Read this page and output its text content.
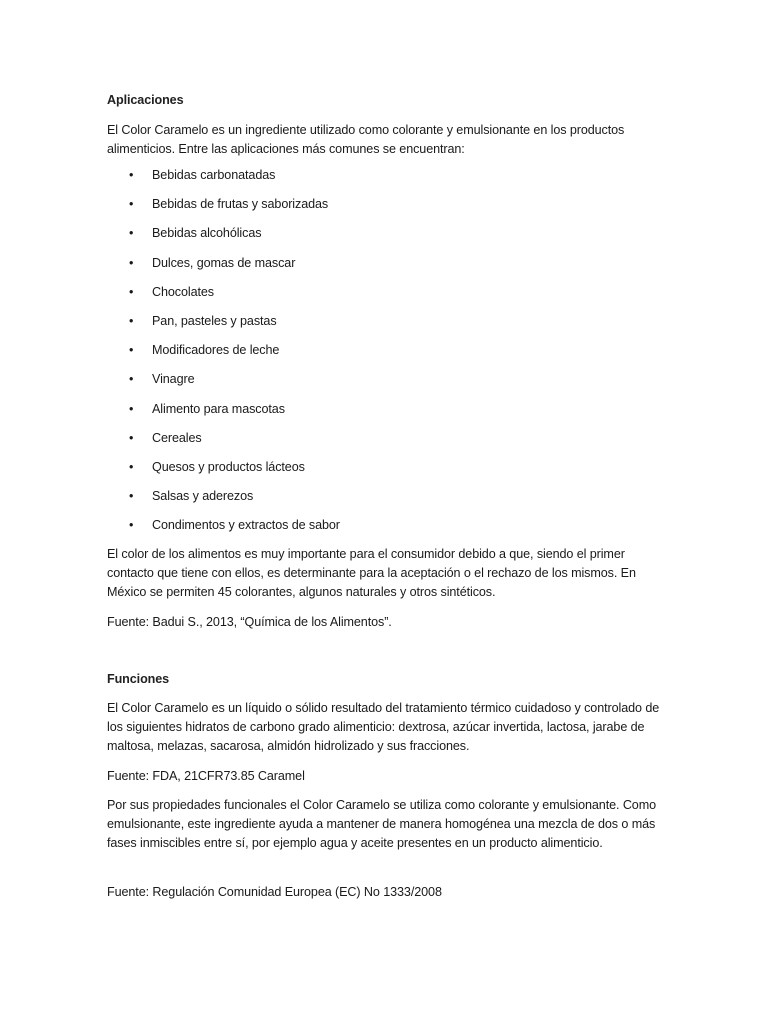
Aplicaciones
El Color Caramelo es un ingrediente utilizado como colorante y emulsionante en los productos alimenticios. Entre las aplicaciones más comunes se encuentran:
• Bebidas carbonatadas
• Bebidas de frutas y saborizadas
• Bebidas alcohólicas
• Dulces, gomas de mascar
• Chocolates
• Pan, pasteles y pastas
• Modificadores de leche
• Vinagre
• Alimento para mascotas
• Cereales
• Quesos y productos lácteos
• Salsas y aderezos
• Condimentos y extractos de sabor
El color de los alimentos es muy importante para el consumidor debido a que, siendo el primer contacto que tiene con ellos, es determinante para la aceptación o el rechazo de los mismos. En México se permiten 45 colorantes, algunos naturales y otros sintéticos.
Fuente: Badui S., 2013, “Química de los Alimentos”.
Funciones
El Color Caramelo es un líquido o sólido resultado del tratamiento térmico cuidadoso y controlado de los siguientes hidratos de carbono grado alimenticio: dextrosa, azúcar invertida, lactosa, jarabe de maltosa, melazas, sacarosa, almidón hidrolizado y sus fracciones.
Fuente: FDA, 21CFR73.85 Caramel
Por sus propiedades funcionales el Color Caramelo se utiliza como colorante y emulsionante. Como emulsionante, este ingrediente ayuda a mantener de manera homogénea una mezcla de dos o más fases inmiscibles entre sí, por ejemplo agua y aceite presentes en un producto alimenticio.
Fuente: Regulación Comunidad Europea (EC) No 1333/2008
